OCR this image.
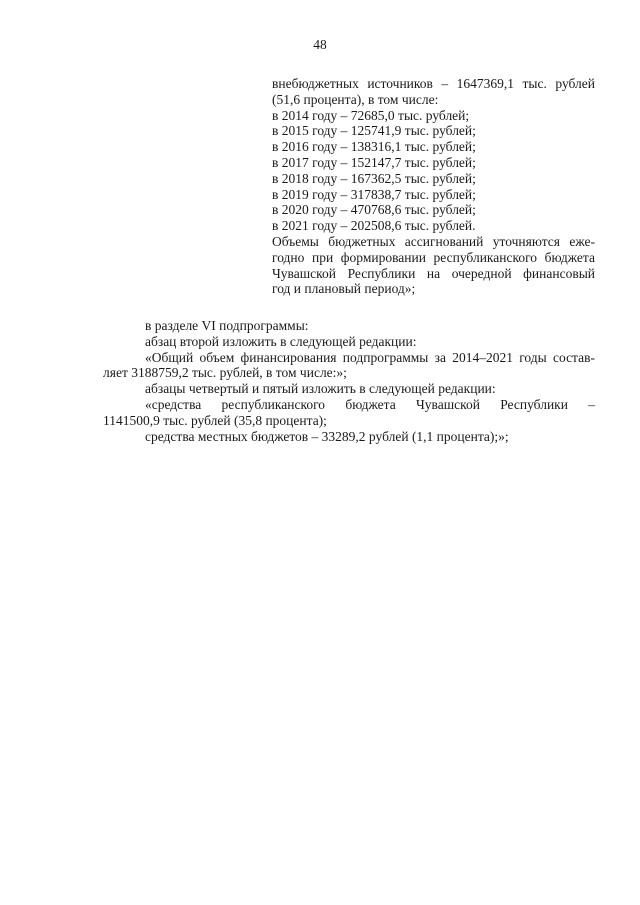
48
внебюджетных источников – 1647369,1 тыс. рублей
(51,6 процента), в том числе:
в 2014 году – 72685,0 тыс. рублей;
в 2015 году – 125741,9 тыс. рублей;
в 2016 году – 138316,1 тыс. рублей;
в 2017 году – 152147,7 тыс. рублей;
в 2018 году – 167362,5 тыс. рублей;
в 2019 году – 317838,7 тыс. рублей;
в 2020 году – 470768,6 тыс. рублей;
в 2021 году – 202508,6 тыс. рублей.
Объемы бюджетных ассигнований уточняются еже-
годно при формировании республиканского бюджета
Чувашской Республики на очередной финансовый
год и плановый период»;
в разделе VI подпрограммы:
абзац второй изложить в следующей редакции:
«Общий объем финансирования подпрограммы за 2014–2021 годы состав-
ляет 3188759,2 тыс. рублей, в том числе:»;
абзацы четвертый и пятый изложить в следующей редакции:
«средства республиканского бюджета Чувашской Республики –
1141500,9 тыс. рублей (35,8 процента);
средства местных бюджетов – 33289,2 рублей (1,1 процента);»;
